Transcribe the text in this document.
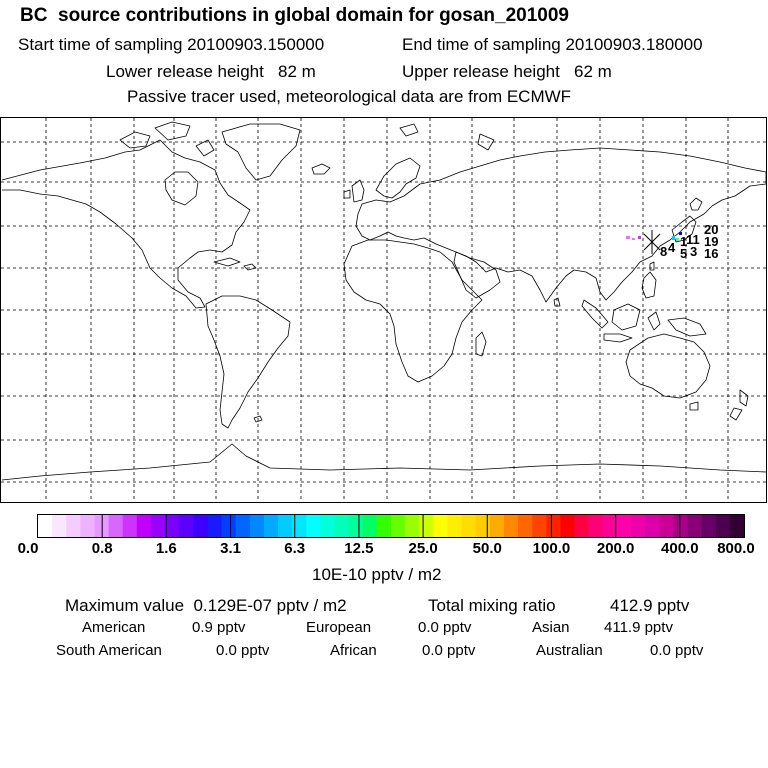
BC  source contributions in global domain for gosan_201009
Start time of sampling 20100903.150000	End time of sampling 20100903.180000
Lower release height   82 m	Upper release height   62 m
Passive tracer used, meteorological data are from ECMWF
20
11 19
1
4
8	16
5 3
0.0	0.8	1.6	3.1	6.3	12.5 25.0 50.0 100.0 200.0 400.0 800.0
10E-10 pptv / m2
Maximum value  0.129E-07 pptv / m2	Total mixing ratio	412.9 pptv
American	0.9 pptv	European	0.0 pptv	Asian 411.9 pptv
South American	0.0 pptv	African	0.0 pptv	Australian	0.0 pptv
